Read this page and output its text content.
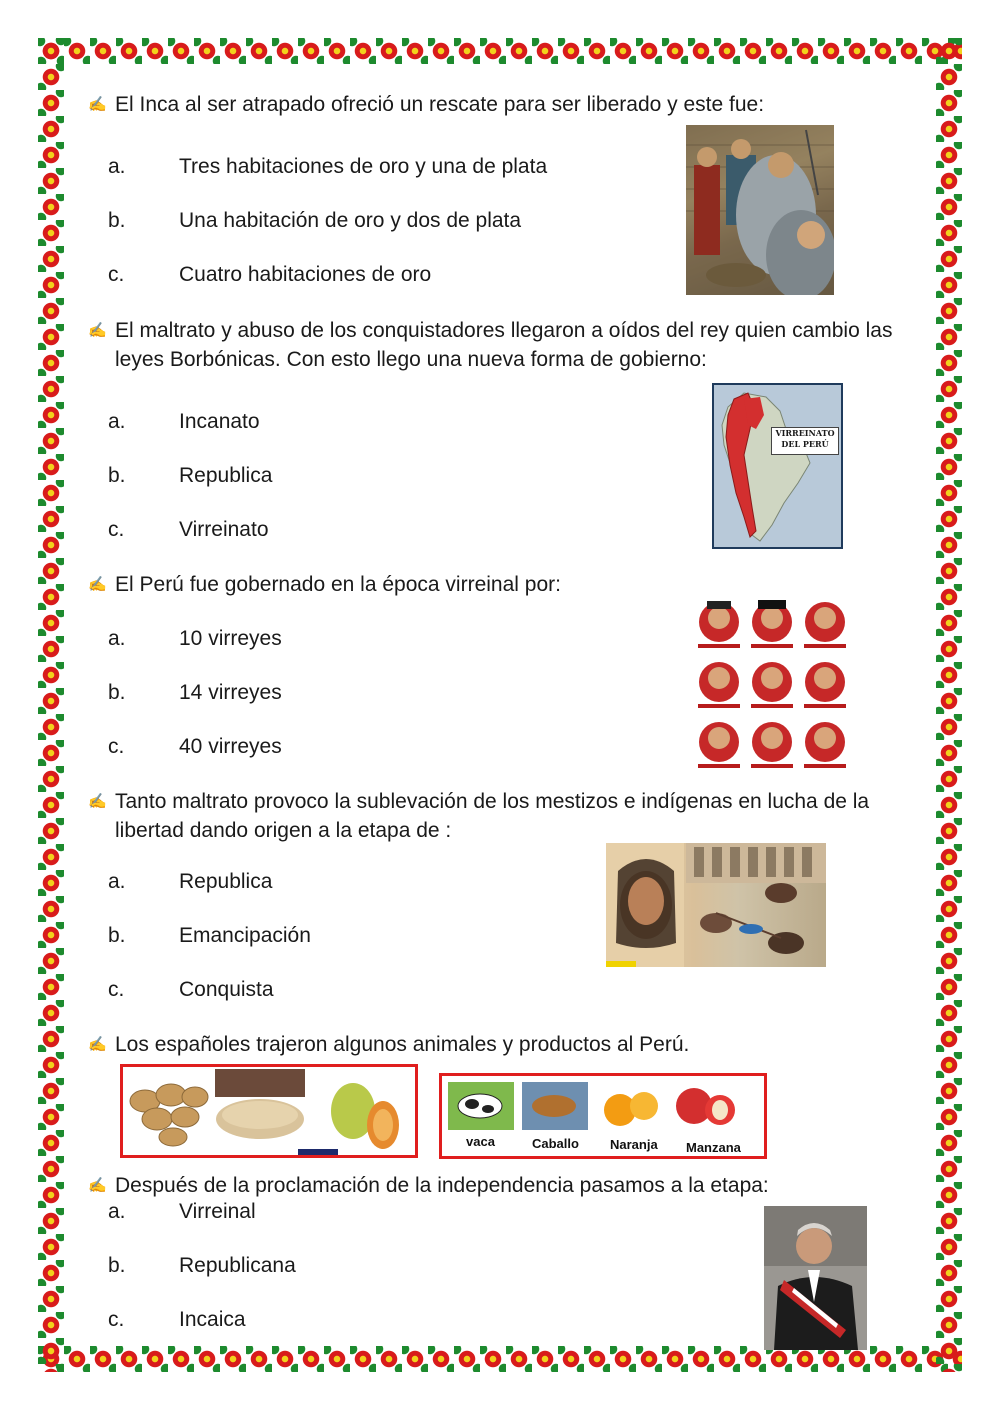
✍ El Inca al ser atrapado ofreció un rescate para ser liberado y este fue:
a.	Tres habitaciones de oro y una de plata
b.	Una habitación de oro y dos de plata
c.	Cuatro habitaciones de oro
✍ El maltrato y abuso de los conquistadores llegaron a oídos del rey quien cambio las leyes Borbónicas. Con esto llego una nueva forma de gobierno:
a.	Incanato
b.	Republica
c.	Virreinato
VIRREINATO
DEL PERÚ
✍ El Perú fue gobernado en la época virreinal por:
a.	10 virreyes
b.	14 virreyes
c.	40 virreyes
✍ Tanto maltrato provoco la sublevación de los mestizos e indígenas en lucha de la libertad dando origen a la etapa de :
a.	Republica
b.	Emancipación
c.	Conquista
✍ Los españoles trajeron algunos animales y productos al Perú.
vaca	Caballo Naranja Manzana
✍ Después de la proclamación de la independencia pasamos a la etapa:
a.	Virreinal
b.	Republicana
c.	Incaica
